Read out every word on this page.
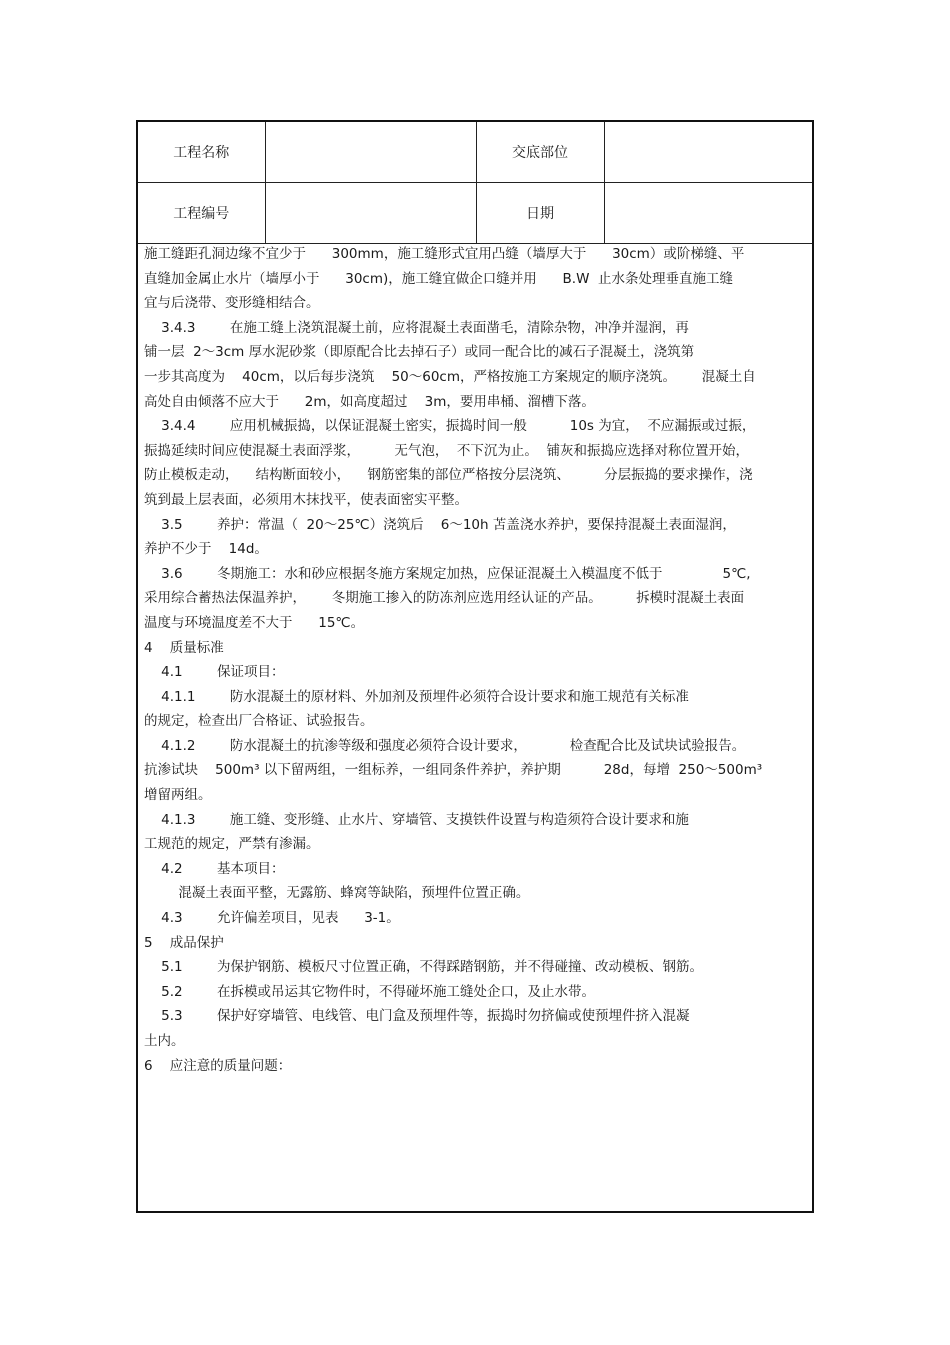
工程名称		交底部位	
工程编号		日期	
施工缝距孔洞边缘不宜少于      300mm，施工缝形式宜用凸缝（墙厚大于      30cm）或阶梯缝、平
直缝加金属止水片（墙厚小于      30cm)，施工缝宜做企口缝并用      B.W  止水条处理垂直施工缝
宜与后浇带、变形缝相结合。
3.4.3        在施工缝上浇筑混凝土前，应将混凝土表面凿毛，清除杂物，冲净并湿润，再
铺一层  2～3cm 厚水泥砂浆（即原配合比去掉石子）或同一配合比的减石子混凝土，浇筑第
一步其高度为    40cm，以后每步浇筑    50～60cm，严格按施工方案规定的顺序浇筑。      混凝土自
高处自由倾落不应大于      2m，如高度超过    3m，要用串桶、溜槽下落。
3.4.4        应用机械振捣，以保证混凝土密实，振捣时间一般          10s 为宜，  不应漏振或过振，
振捣延续时间应使混凝土表面浮浆，        无气泡，  不下沉为止。  铺灰和振捣应选择对称位置开始，
防止模板走动，    结构断面较小，    钢筋密集的部位严格按分层浇筑、        分层振捣的要求操作，浇
筑到最上层表面，必须用木抹找平，使表面密实平整。
3.5        养护：常温（  20～25℃）浇筑后    6～10h 苫盖浇水养护，要保持混凝土表面湿润，
养护不少于    14d。
3.6        冬期施工：水和砂应根据冬施方案规定加热，应保证混凝土入模温度不低于              5℃,
采用综合蓄热法保温养护，      冬期施工掺入的防冻剂应选用经认证的产品。        拆模时混凝土表面
温度与环境温度差不大于      15℃。
4    质量标准
4.1        保证项目：
4.1.1        防水混凝土的原材料、外加剂及预埋件必须符合设计要求和施工规范有关标准
的规定，检查出厂合格证、试验报告。
4.1.2        防水混凝土的抗渗等级和强度必须符合设计要求，          检查配合比及试块试验报告。
抗渗试块    500m³ 以下留两组，一组标养，一组同条件养护，养护期          28d，每增  250～500m³
增留两组。
4.1.3        施工缝、变形缝、止水片、穿墙管、支摸铁件设置与构造须符合设计要求和施
工规范的规定，严禁有渗漏。
4.2        基本项目：
混凝土表面平整，无露筋、蜂窝等缺陷，预埋件位置正确。
4.3        允许偏差项目，见表      3-1。
5    成品保护
5.1        为保护钢筋、模板尺寸位置正确，不得踩踏钢筋，并不得碰撞、改动模板、钢筋。
5.2        在拆模或吊运其它物件时，不得碰坏施工缝处企口，及止水带。
5.3        保护好穿墙管、电线管、电门盒及预埋件等，振捣时勿挤偏或使预埋件挤入混凝
土内。
6    应注意的质量问题：
